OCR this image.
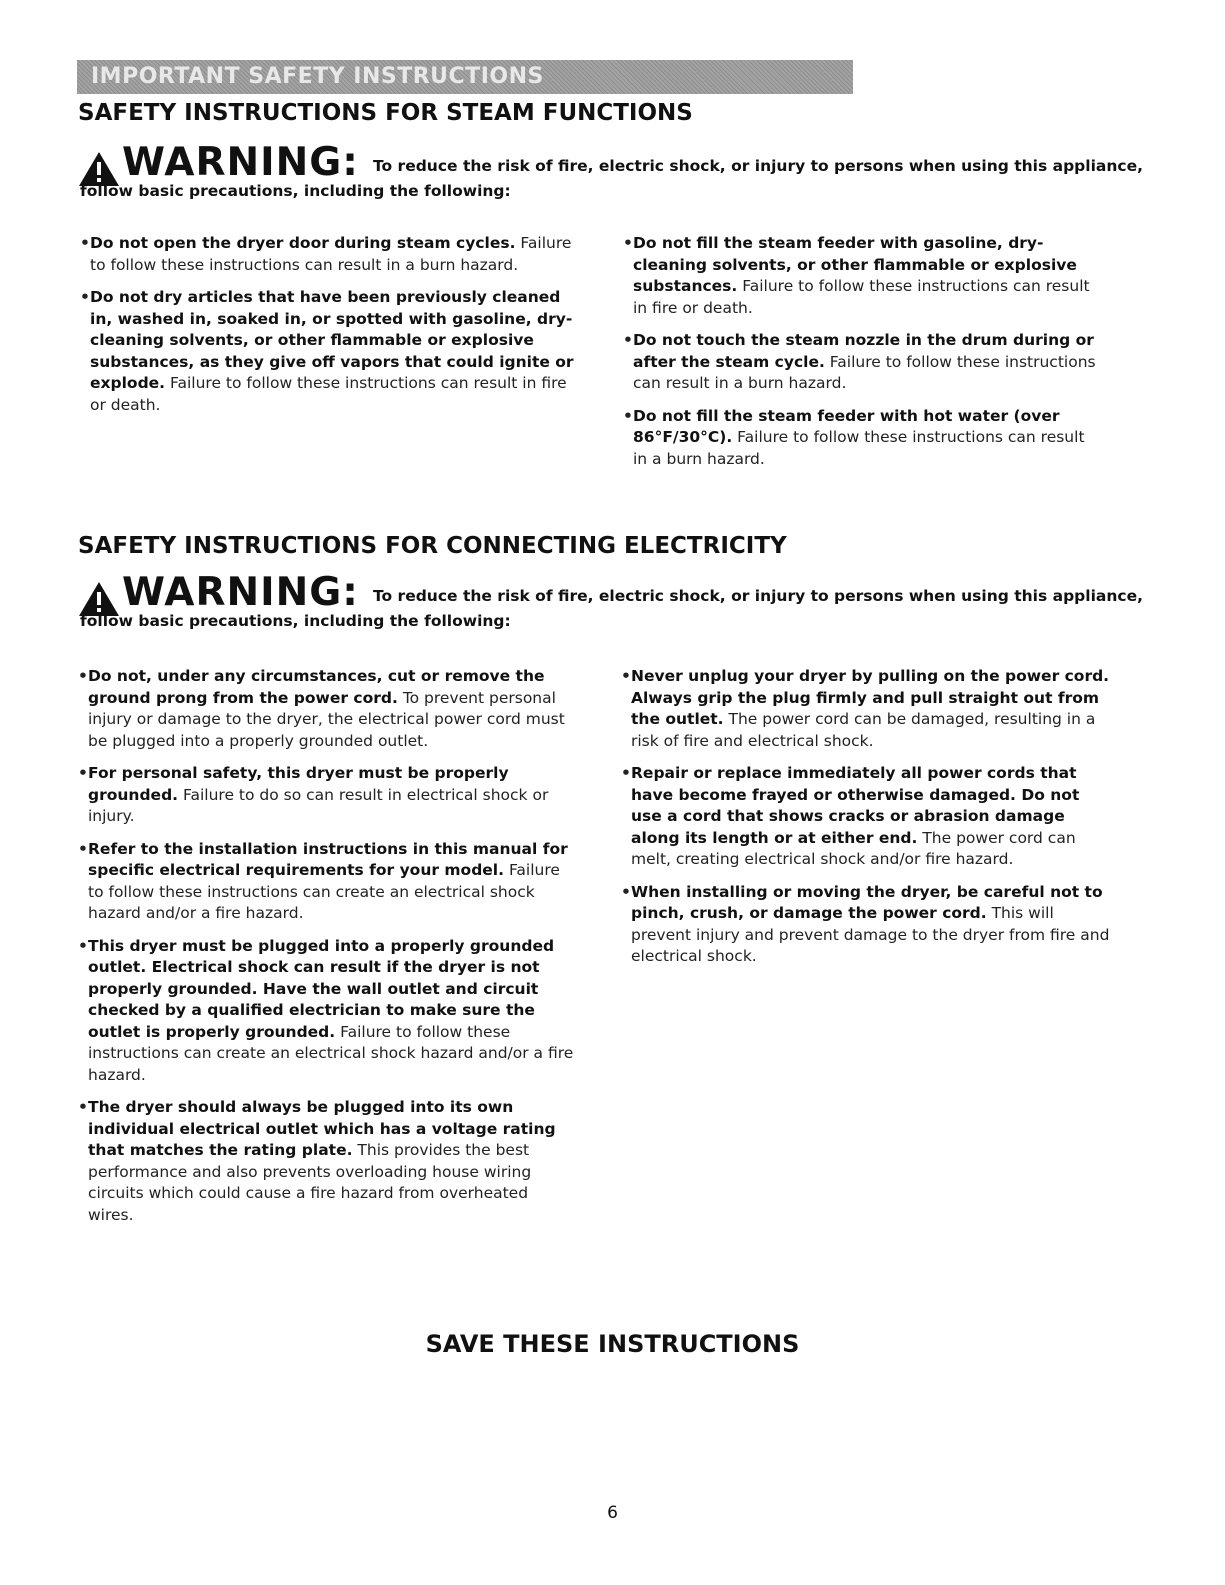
IMPORTANT SAFETY INSTRUCTIONS
SAFETY INSTRUCTIONS FOR STEAM FUNCTIONS
WARNING: To reduce the risk of fire, electric shock, or injury to persons when using this appliance,
follow basic precautions, including the following:
• Do not open the dryer door during steam cycles. Failure to follow these instructions can result in a burn hazard.
• Do not dry articles that have been previously cleaned in, washed in, soaked in, or spotted with gasoline, dry-cleaning solvents, or other flammable or explosive substances, as they give off vapors that could ignite or explode. Failure to follow these instructions can result in fire or death.
• Do not fill the steam feeder with gasoline, dry-cleaning solvents, or other flammable or explosive substances. Failure to follow these instructions can result in fire or death.
• Do not touch the steam nozzle in the drum during or after the steam cycle. Failure to follow these instructions can result in a burn hazard.
• Do not fill the steam feeder with hot water (over 86°F/30°C). Failure to follow these instructions can result in a burn hazard.
SAFETY INSTRUCTIONS FOR CONNECTING ELECTRICITY
WARNING: To reduce the risk of fire, electric shock, or injury to persons when using this appliance,
follow basic precautions, including the following:
• Do not, under any circumstances, cut or remove the ground prong from the power cord. To prevent personal injury or damage to the dryer, the electrical power cord must be plugged into a properly grounded outlet.
• For personal safety, this dryer must be properly grounded. Failure to do so can result in electrical shock or injury.
• Refer to the installation instructions in this manual for specific electrical requirements for your model. Failure to follow these instructions can create an electrical shock hazard and/or a fire hazard.
• This dryer must be plugged into a properly grounded outlet. Electrical shock can result if the dryer is not properly grounded. Have the wall outlet and circuit checked by a qualified electrician to make sure the outlet is properly grounded. Failure to follow these instructions can create an electrical shock hazard and/or a fire hazard.
• The dryer should always be plugged into its own individual electrical outlet which has a voltage rating that matches the rating plate. This provides the best performance and also prevents overloading house wiring circuits which could cause a fire hazard from overheated wires.
• Never unplug your dryer by pulling on the power cord. Always grip the plug firmly and pull straight out from the outlet. The power cord can be damaged, resulting in a risk of fire and electrical shock.
• Repair or replace immediately all power cords that have become frayed or otherwise damaged. Do not use a cord that shows cracks or abrasion damage along its length or at either end. The power cord can melt, creating electrical shock and/or fire hazard.
• When installing or moving the dryer, be careful not to pinch, crush, or damage the power cord. This will prevent injury and prevent damage to the dryer from fire and electrical shock.
SAVE THESE INSTRUCTIONS
6
